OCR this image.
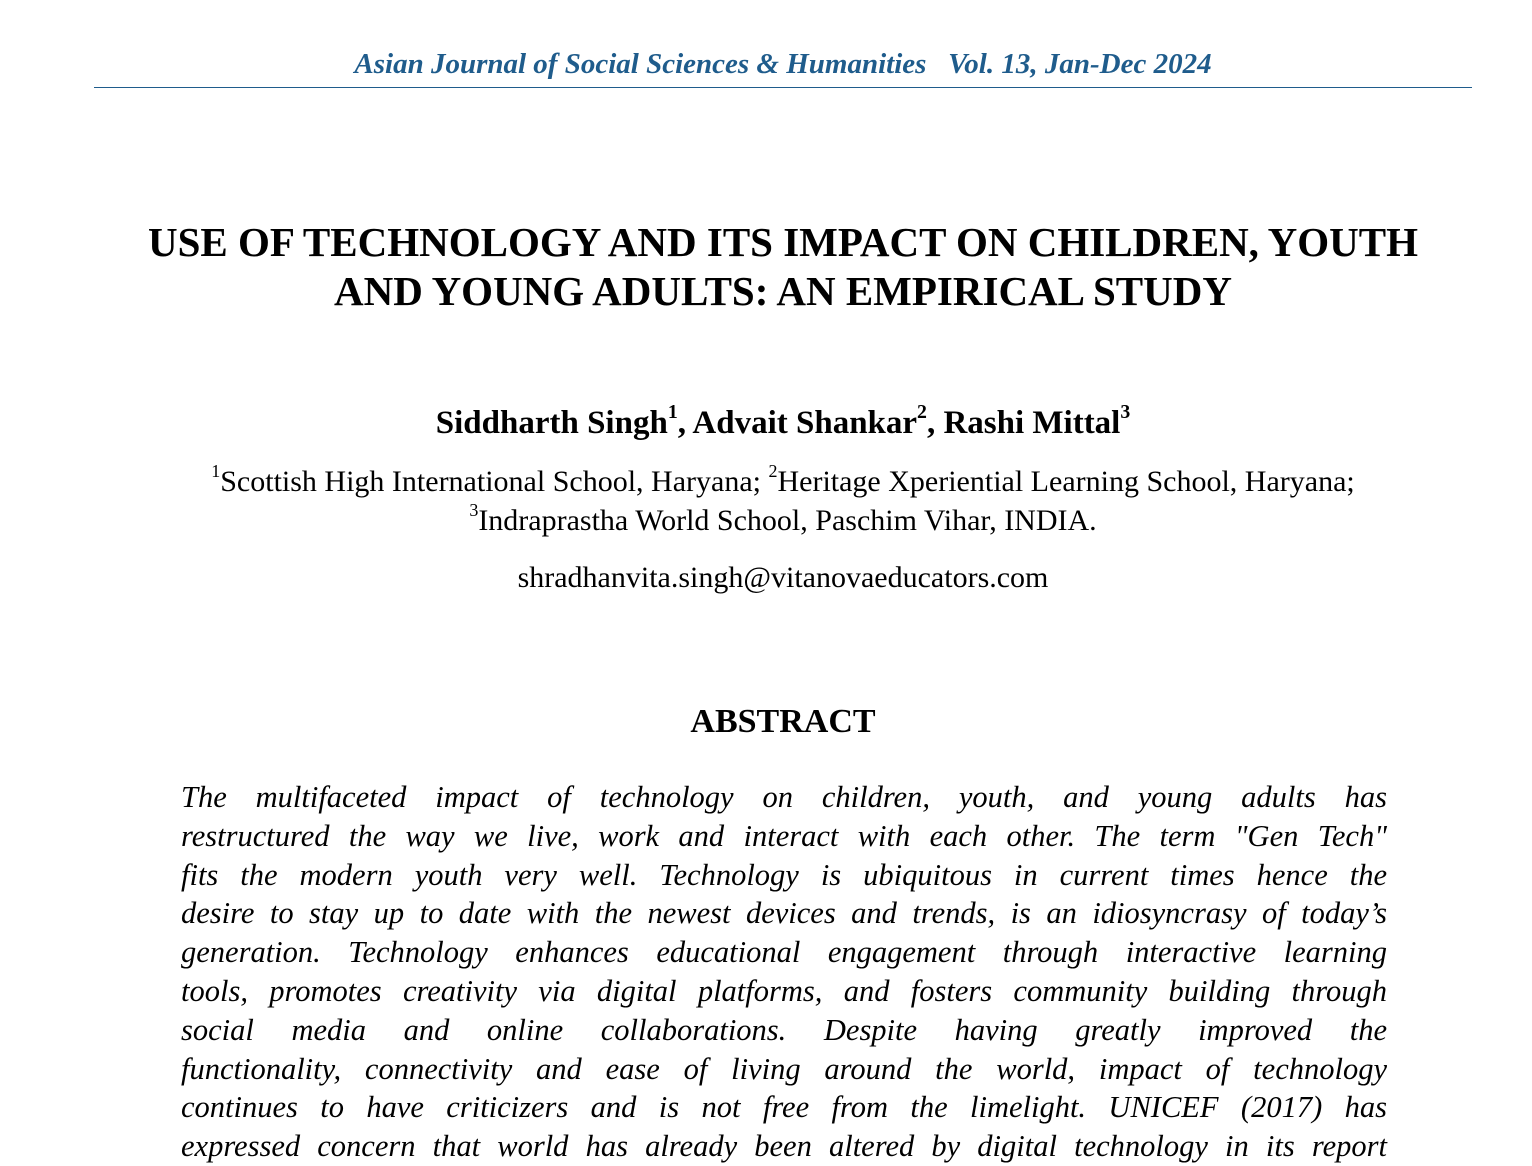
Asian Journal of Social Sciences & Humanities Vol. 13, Jan-Dec 2024
USE OF TECHNOLOGY AND ITS IMPACT ON CHILDREN, YOUTH
AND YOUNG ADULTS: AN EMPIRICAL STUDY
Siddharth Singh$^1$, Advait Shankar$^2$, Rashi Mittal$^3$
$^1$Scottish High International School, Haryana; $^2$Heritage Xperiential Learning School, Haryana;
$^3$Indraprastha World School, Paschim Vihar, INDIA.
shradhanvita.singh@vitanovaeducators.com
ABSTRACT
The multifaceted impact of technology on children, youth, and young adults has
restructured the way we live, work and interact with each other. The term "Gen Tech"
fits the modern youth very well. Technology is ubiquitous in current times hence the
desire to stay up to date with the newest devices and trends, is an idiosyncrasy of today’s
generation. Technology enhances educational engagement through interactive learning
tools, promotes creativity via digital platforms, and fosters community building through
social media and online collaborations. Despite having greatly improved the
functionality, connectivity and ease of living around the world, impact of technology
continues to have criticizers and is not free from the limelight. UNICEF (2017) has
expressed concern that world has already been altered by digital technology in its report
